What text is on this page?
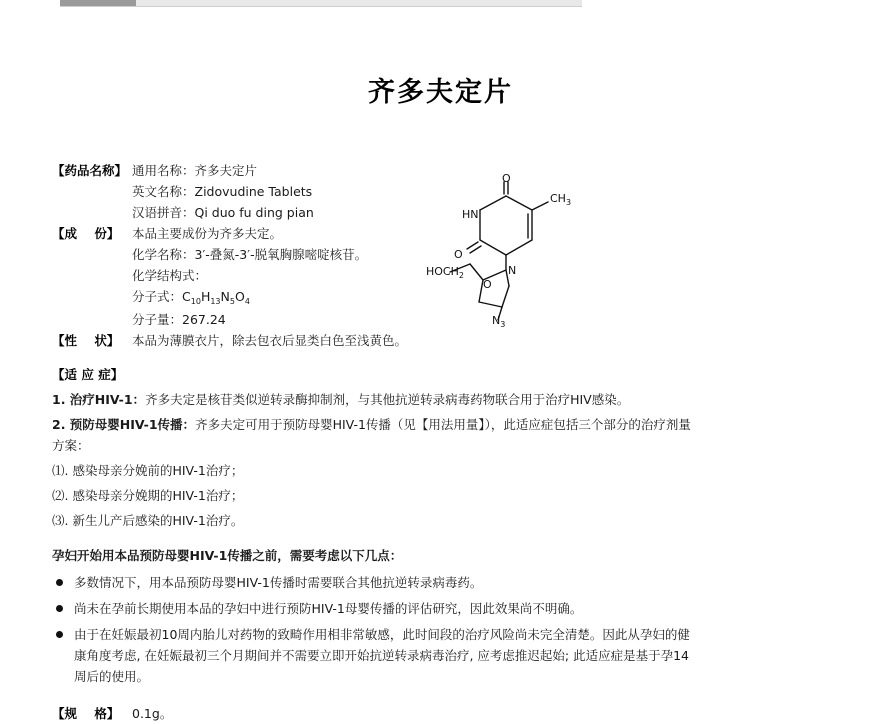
齐多夫定片
O
HN
O
$CH_3$
$HOCH_2$	N
O
$N_3$
【药品名称】 通用名称：齐多夫定片
英文名称：Zidovudine Tablets
汉语拼音：Qi duo fu ding pian
【成    份】	本品主要成份为齐多夫定。
化学名称：3′-叠氮-3′-脱氧胸腺嘧啶核苷。
化学结构式：
分子式：$C_{10}H_{13}N_5O_4$
分子量：267.24
【性    状】	本品为薄膜衣片，除去包衣后显类白色至浅黄色。
【适 应 症】
1. 治疗HIV-1：齐多夫定是核苷类似逆转录酶抑制剂，与其他抗逆转录病毒药物联合用于治疗HIV感染。
2. 预防母婴HIV-1传播：齐多夫定可用于预防母婴HIV-1传播（见【用法用量】），此适应症包括三个部分的治疗剂量方案：
⑴. 感染母亲分娩前的HIV-1治疗；
⑵. 感染母亲分娩期的HIV-1治疗；
⑶. 新生儿产后感染的HIV-1治疗。
孕妇开始用本品预防母婴HIV-1传播之前，需要考虑以下几点：
多数情况下，用本品预防母婴HIV-1传播时需要联合其他抗逆转录病毒药。
尚未在孕前长期使用本品的孕妇中进行预防HIV-1母婴传播的评估研究，因此效果尚不明确。
由于在妊娠最初10周内胎儿对药物的致畸作用相非常敏感，此时间段的治疗风险尚未完全清楚。因此从孕妇的健康角度考虑, 在妊娠最初三个月期间并不需要立即开始抗逆转录病毒治疗, 应考虑推迟起始; 此适应症是基于孕14周后的使用。
【规    格】	0.1g。
